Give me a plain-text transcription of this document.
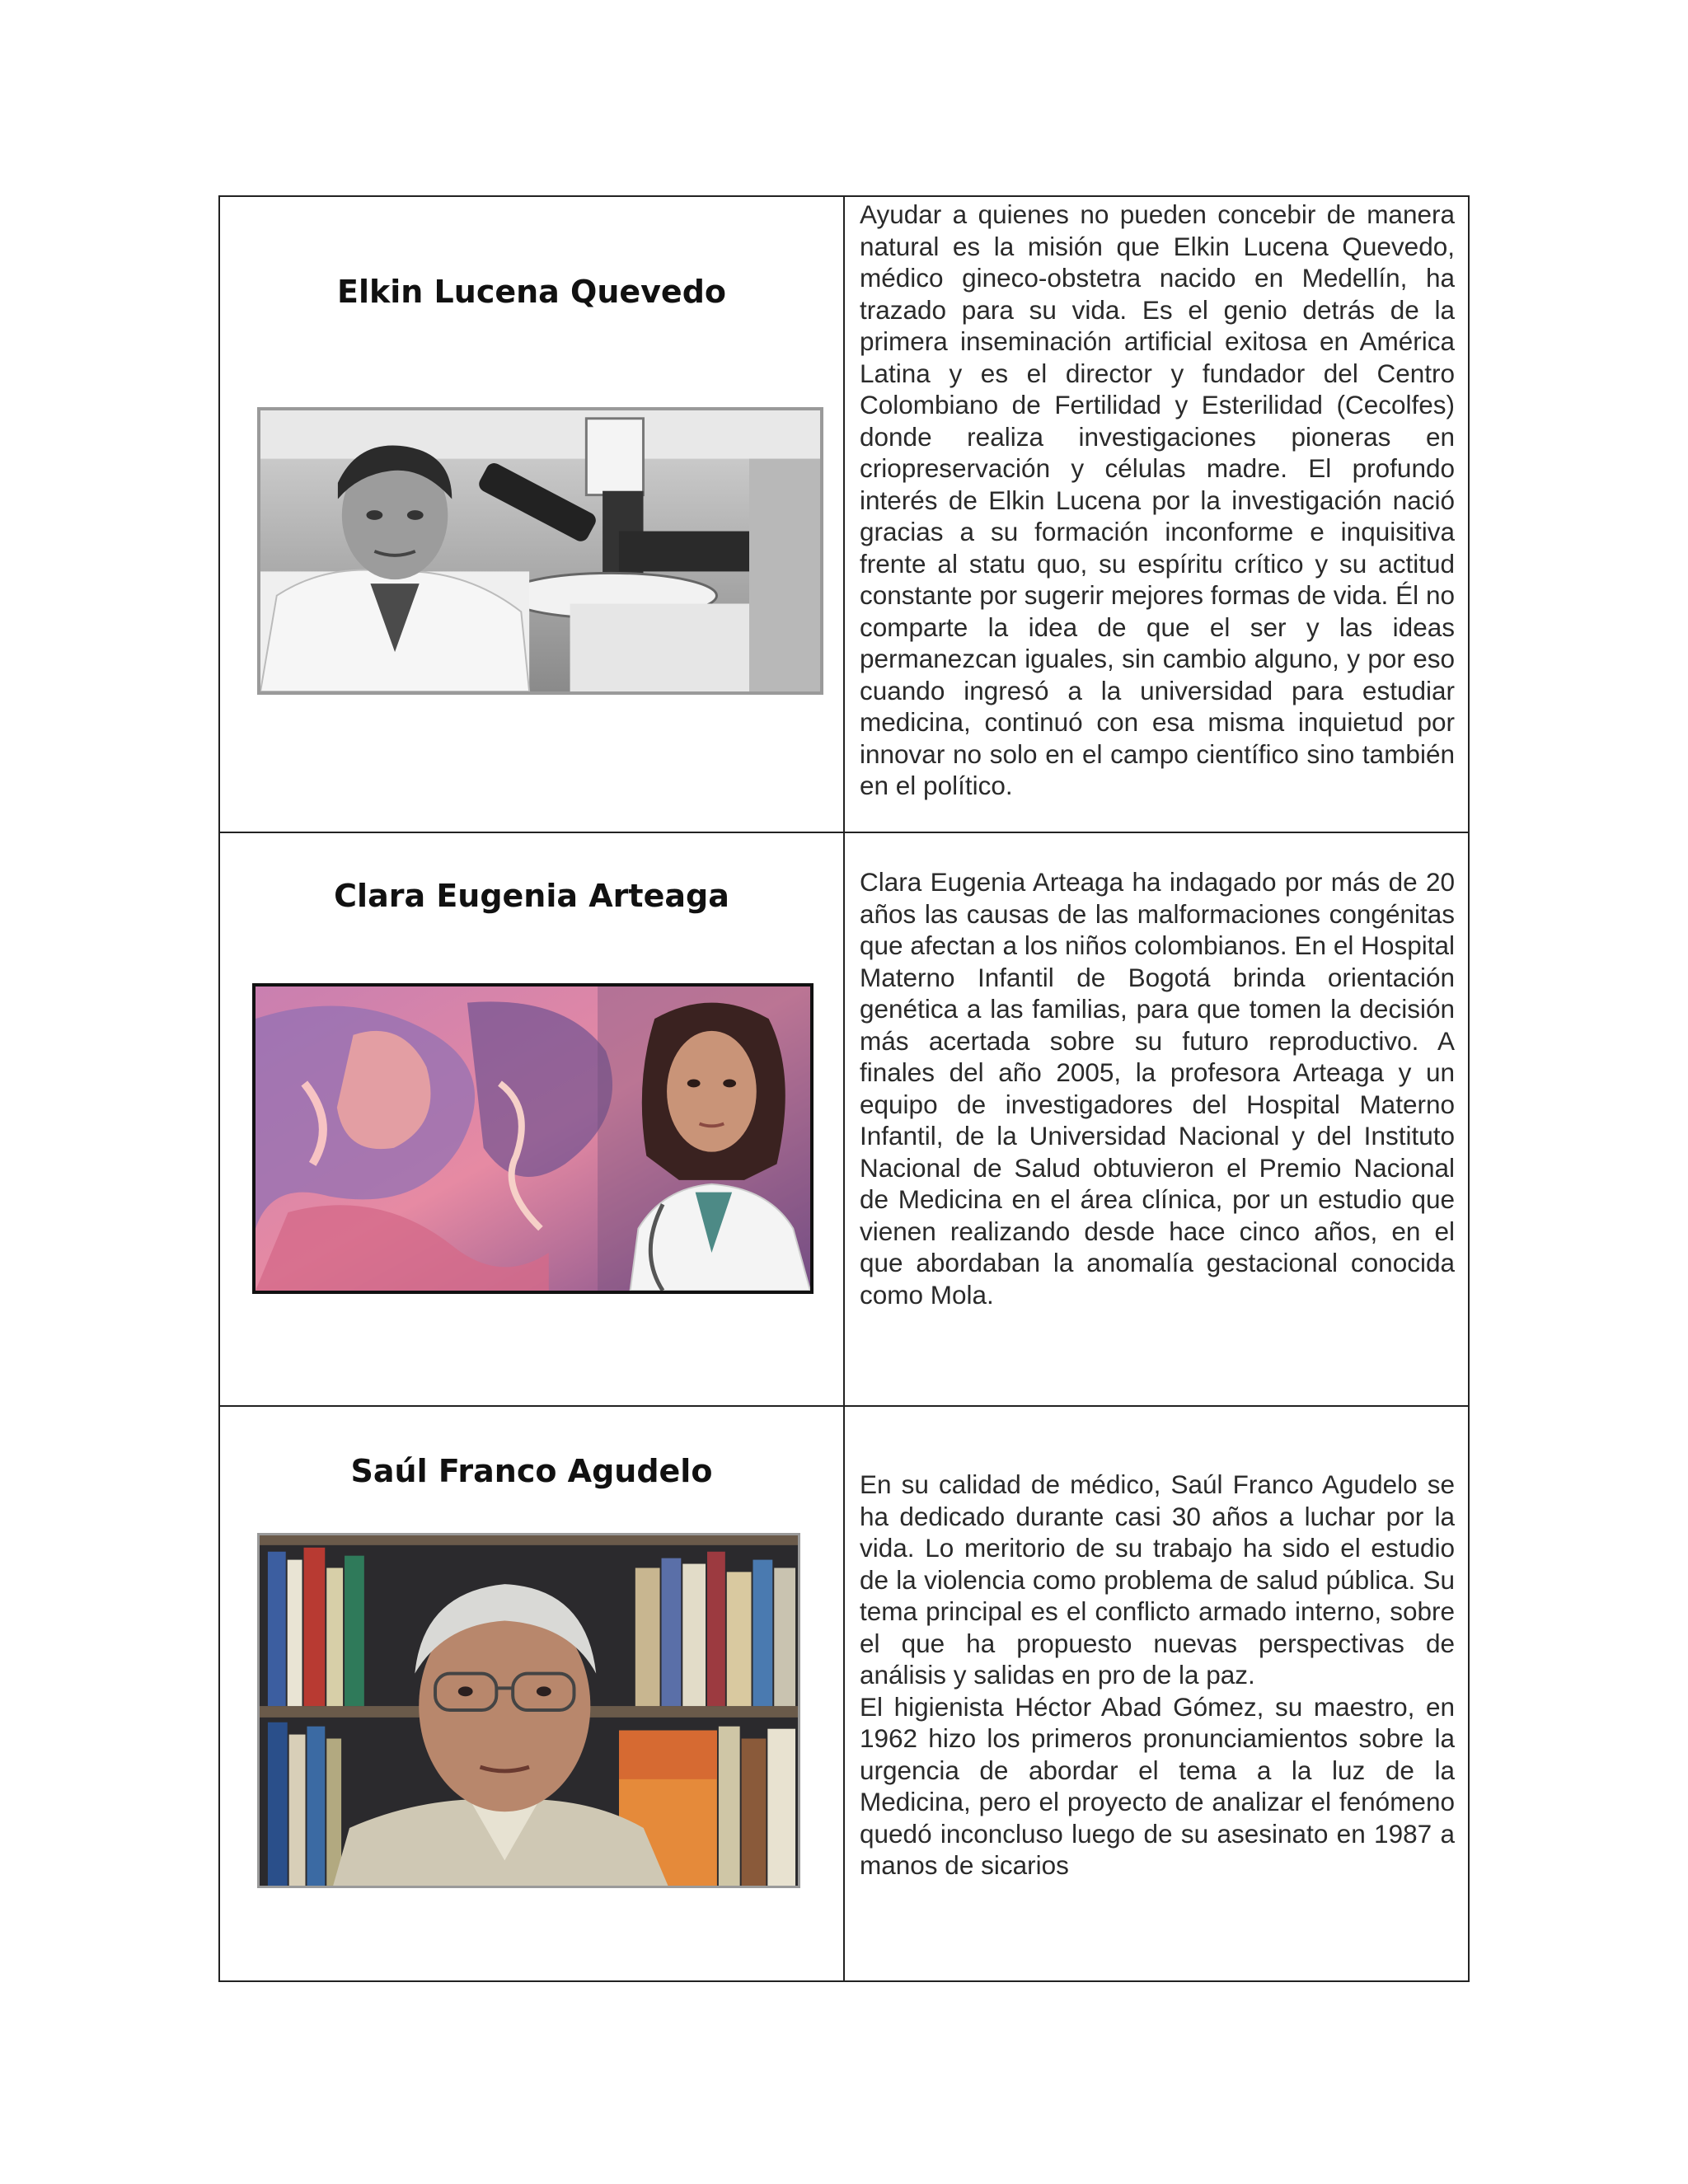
Elkin Lucena Quevedo

Ayudar a quienes no pueden concebir de manera natural es la misión que Elkin Lucena Quevedo, médico gineco-obstetra nacido en Medellín, ha trazado para su vida. Es el genio detrás de la primera inseminación artificial exitosa en América Latina y es el director y fundador del Centro Colombiano de Fertilidad y Esterilidad (Cecolfes) donde realiza investigaciones pioneras en criopreservación y células madre. El profundo interés de Elkin Lucena por la investigación nació gracias a su formación inconforme e inquisitiva frente al statu quo, su espíritu crítico y su actitud constante por sugerir mejores formas de vida. Él no comparte la idea de que el ser y las ideas permanezcan iguales, sin cambio alguno, y por eso cuando ingresó a la universidad para estudiar medicina, continuó con esa misma inquietud por innovar no solo en el campo científico sino también en el político.

Clara Eugenia Arteaga	Clara Eugenia Arteaga ha indagado por más de 20 años las causas de las malformaciones congénitas que afectan a los niños colombianos. En el Hospital Materno Infantil de Bogotá brinda orientación genética a las familias, para que tomen la decisión más acertada sobre su futuro reproductivo. A finales del año 2005, la profesora Arteaga y un equipo de investigadores del Hospital Materno Infantil, de la Universidad Nacional y del Instituto Nacional de Salud obtuvieron el Premio Nacional de Medicina en el área clínica, por un estudio que vienen realizando desde hace cinco años, en el que abordaban la anomalía gestacional conocida como Mola.

Saúl Franco Agudelo	En su calidad de médico, Saúl Franco Agudelo se ha dedicado durante casi 30 años a luchar por la vida. Lo meritorio de su trabajo ha sido el estudio de la violencia como problema de salud pública. Su tema principal es el conflicto armado interno, sobre el que ha propuesto nuevas perspectivas de análisis y salidas en pro de la paz.
El higienista Héctor Abad Gómez, su maestro, en 1962 hizo los primeros pronunciamientos sobre la urgencia de abordar el tema a la luz de la Medicina, pero el proyecto de analizar el fenómeno quedó inconcluso luego de su asesinato en 1987 a manos de sicarios
